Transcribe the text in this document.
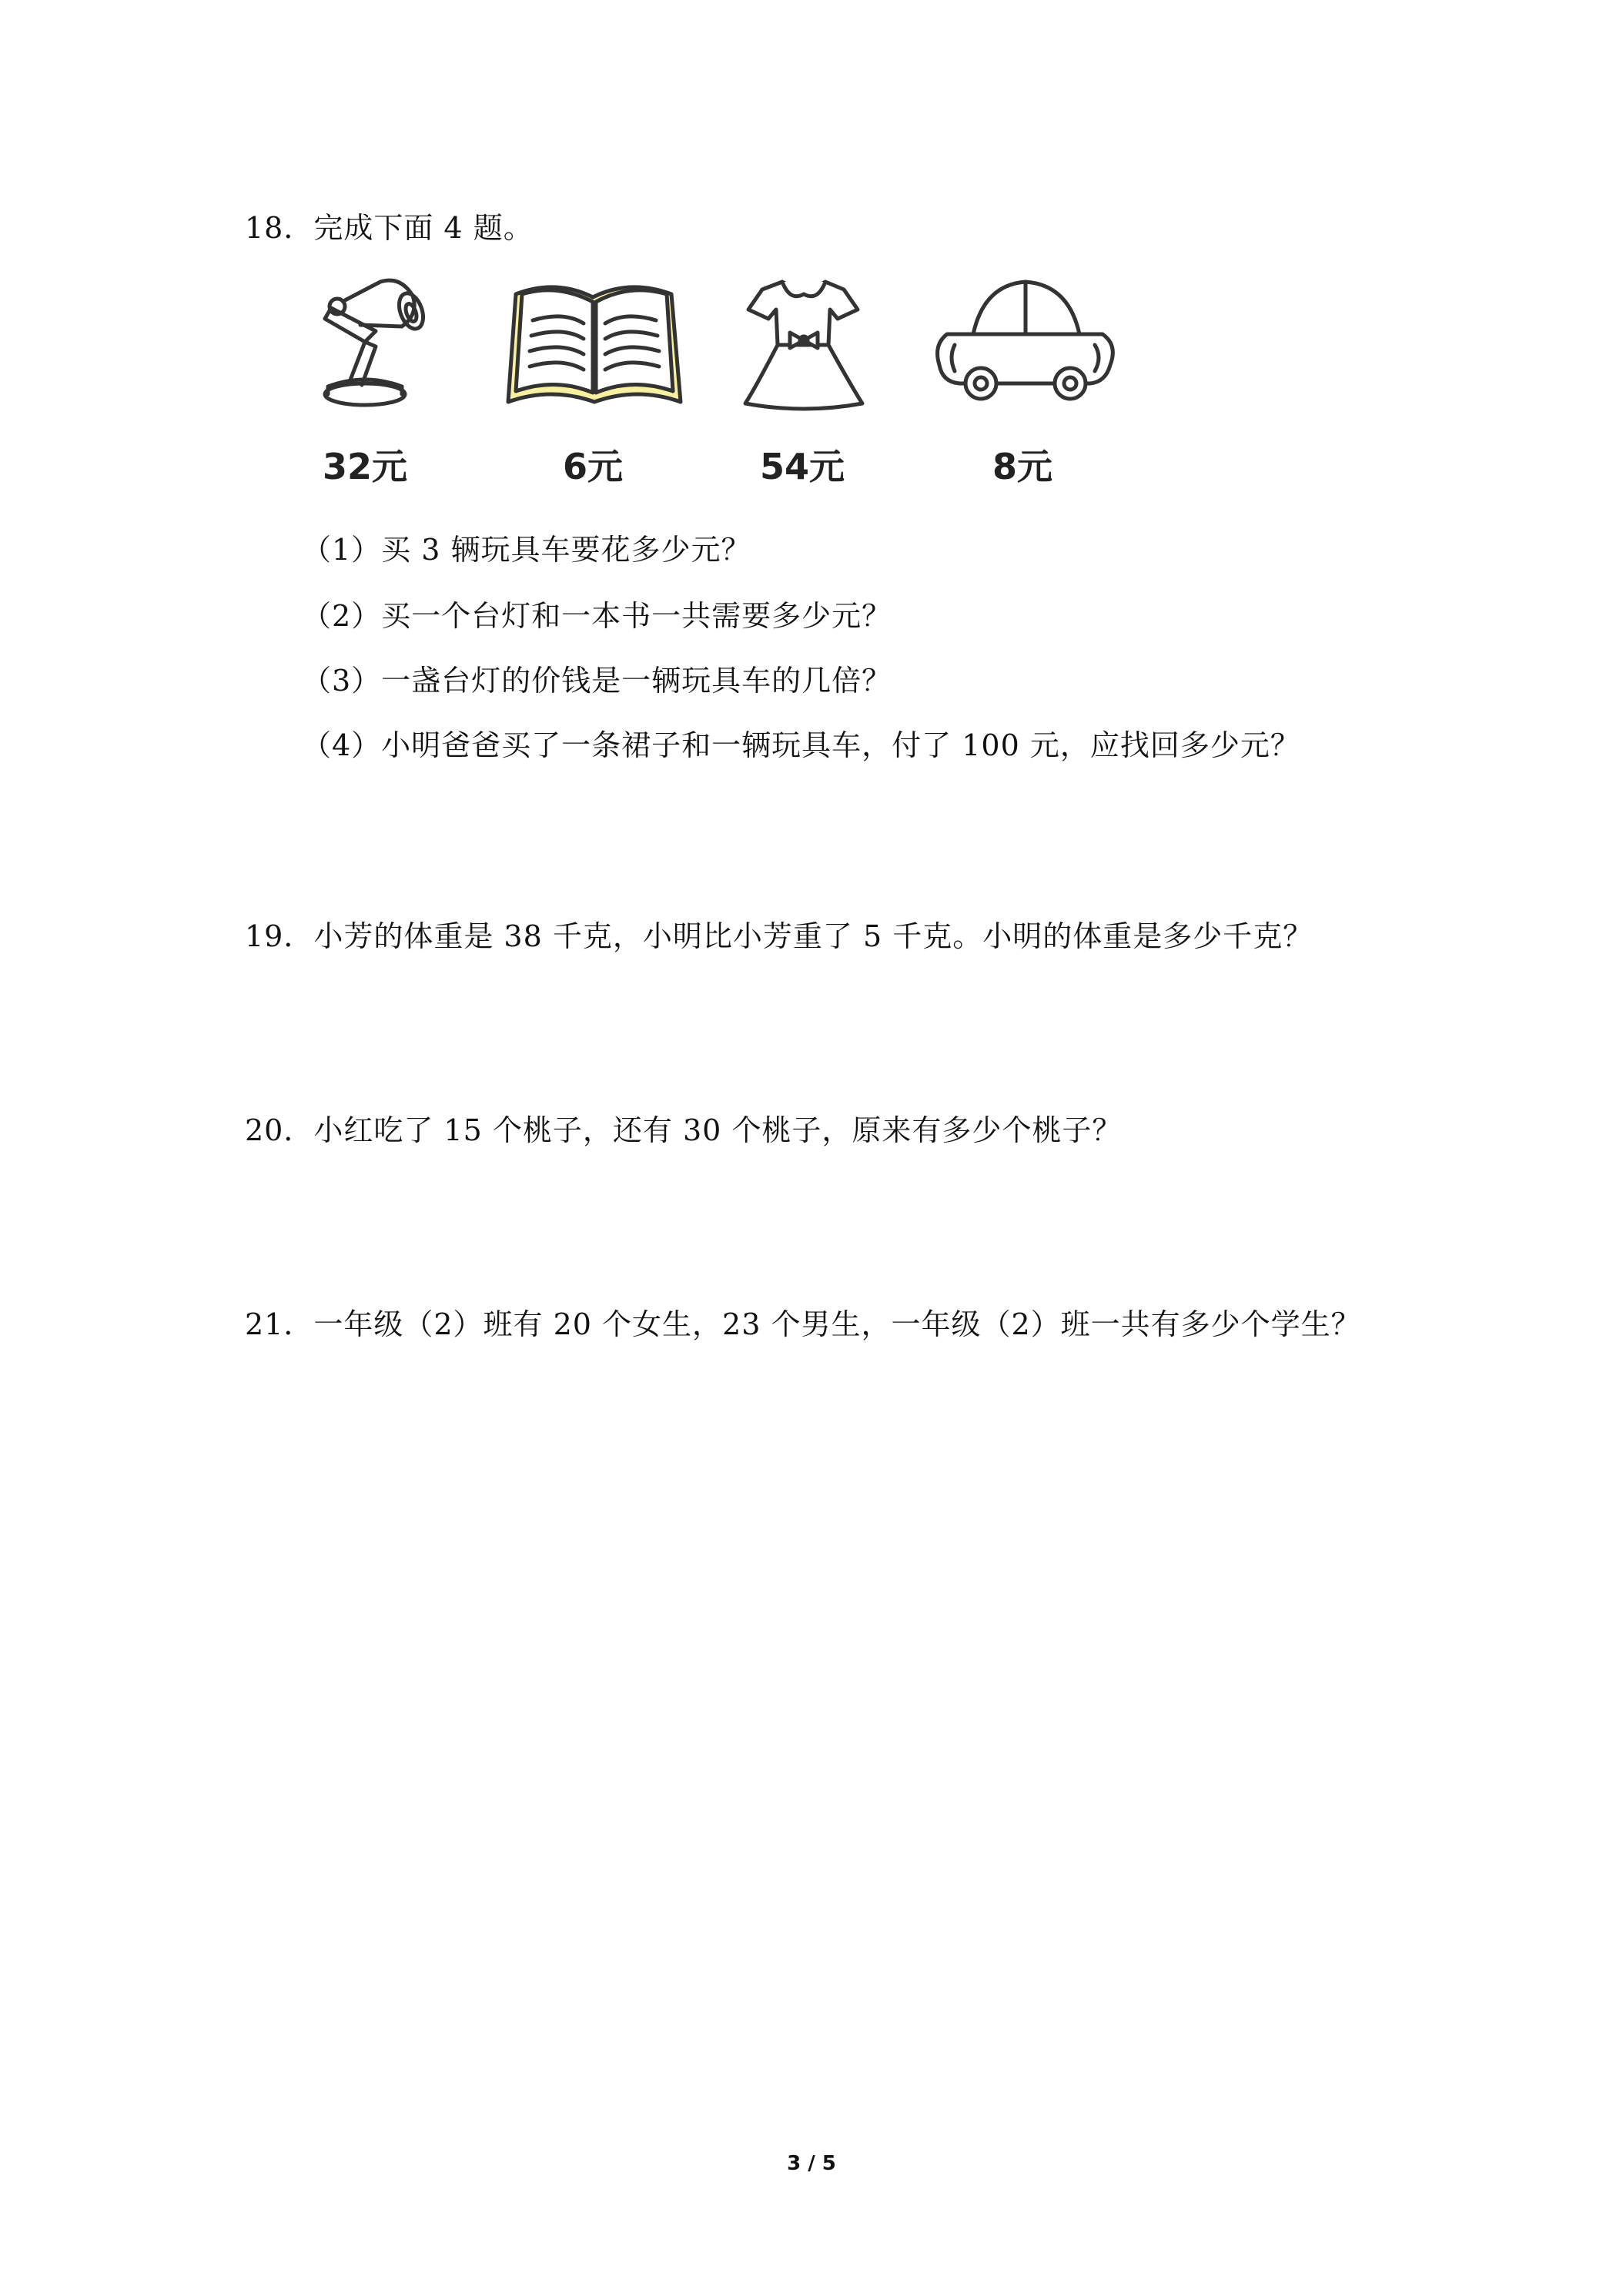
18．完成下面 4 题。
32元	6元	54元	8元
（1）买 3 辆玩具车要花多少元？
（2）买一个台灯和一本书一共需要多少元？
（3）一盏台灯的价钱是一辆玩具车的几倍？
（4）小明爸爸买了一条裙子和一辆玩具车，付了 100 元，应找回多少元？
19．小芳的体重是 38 千克，小明比小芳重了 5 千克。小明的体重是多少千克？
20．小红吃了 15 个桃子，还有 30 个桃子，原来有多少个桃子？
21．一年级（2）班有 20 个女生，23 个男生，一年级（2）班一共有多少个学生？
3 / 5
